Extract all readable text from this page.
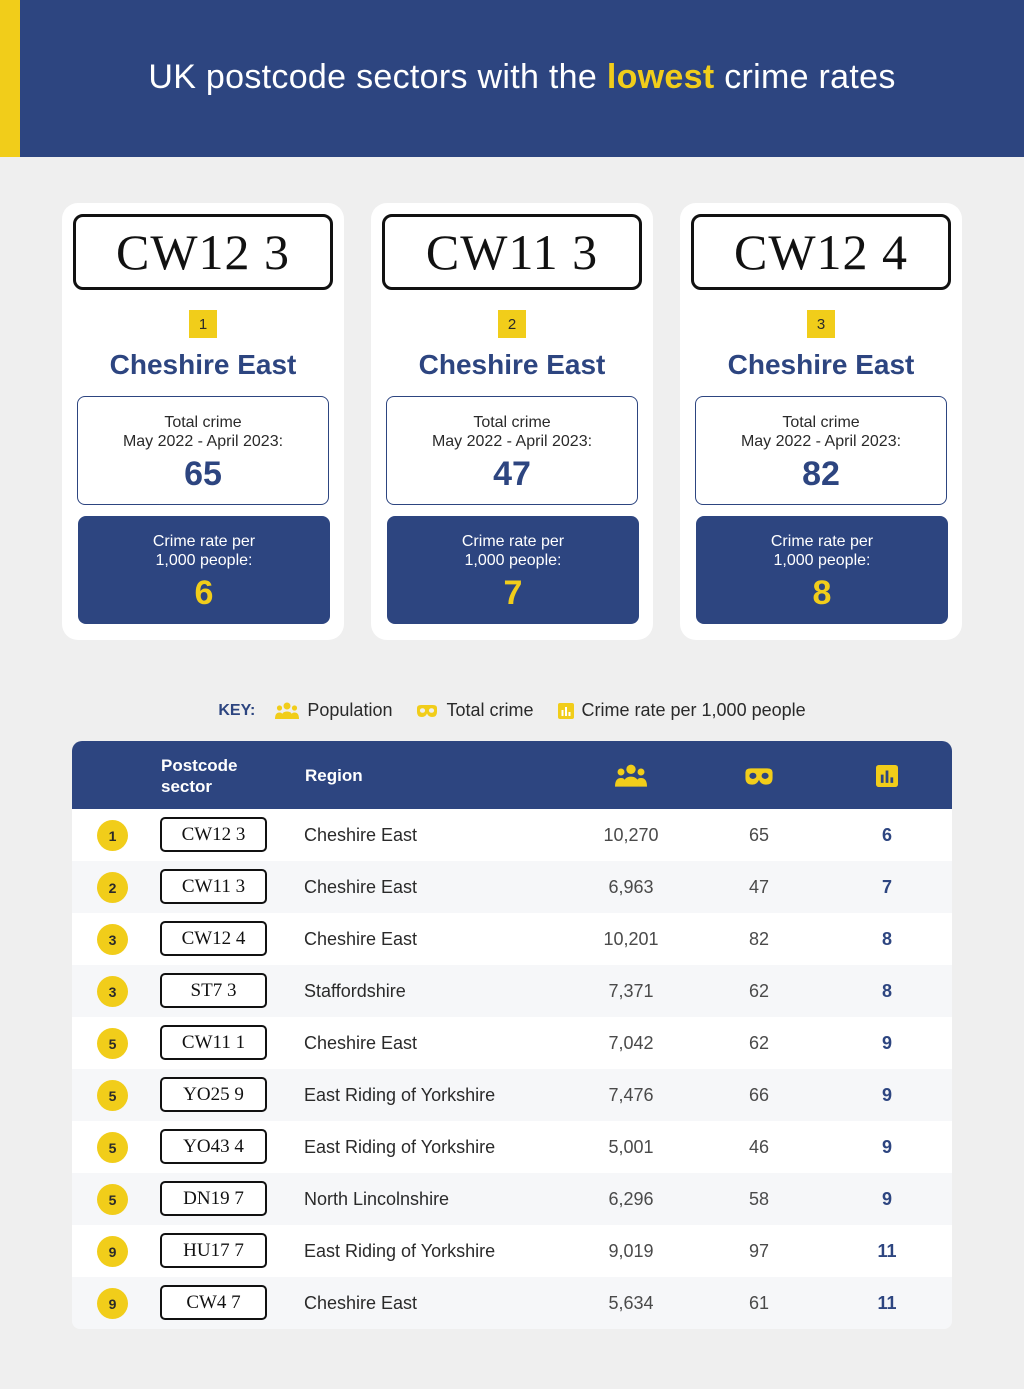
UK postcode sectors with the lowest crime rates
CW12 3
1
Cheshire East
Total crime
May 2022 - April 2023:
65
Crime rate per
1,000 people:
6
CW11 3
2
Cheshire East
Total crime
May 2022 - April 2023:
47
Crime rate per
1,000 people:
7
CW12 4
3
Cheshire East
Total crime
May 2022 - April 2023:
82
Crime rate per
1,000 people:
8
KEY:	Population	Total crime	Crime rate per 1,000 people
Postcode
sector
Region
1	CW12 3	Cheshire East	10,270	65	6
2	CW11 3	Cheshire East	6,963	47	7
3	CW12 4	Cheshire East	10,201	82	8
3	ST7 3	Staffordshire	7,371	62	8
5	CW11 1	Cheshire East	7,042	62	9
5	YO25 9	East Riding of Yorkshire	7,476	66	9
5	YO43 4	East Riding of Yorkshire	5,001	46	9
5	DN19 7	North Lincolnshire	6,296	58	9
9	HU17 7	East Riding of Yorkshire	9,019	97	11
9	CW4 7	Cheshire East	5,634	61	11
